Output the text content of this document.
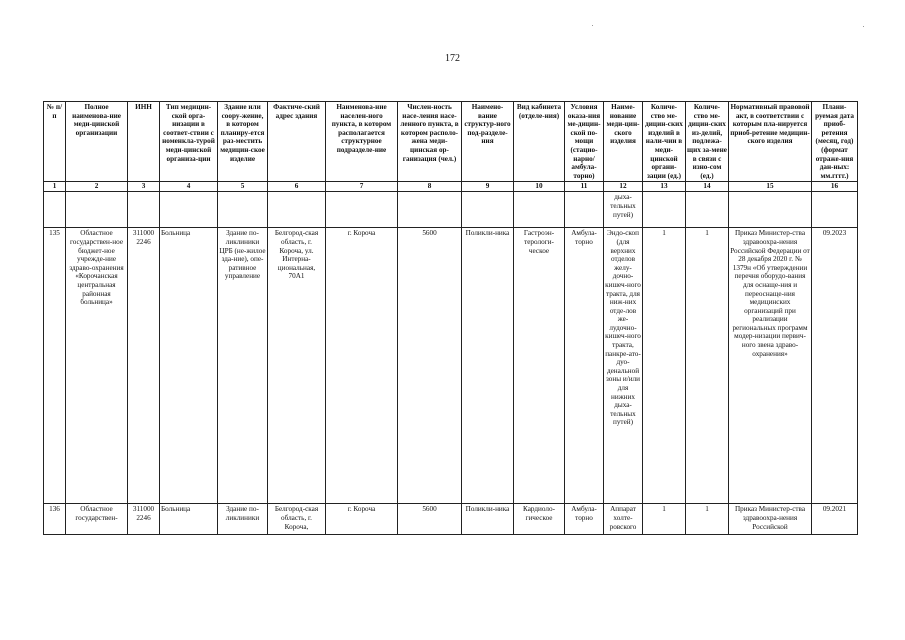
172
№ п/п	Полное наименова-ние меди-цинской организации	ИНН	Тип медицин-ской орга-низации в соответ-ствии с номенкла-турой меди-цинской организа-ции	Здание или соору-жение, в котором планиру-ется раз-местить медицин-ское изделие	Фактиче-ский адрес здания	Наименова-ние населен-ного пункта, в котором располагается структурное подразделе-ние	Числен-ность насе-ления насе-ленного пункта, в котором располо-жена меди-цинская ор-ганизация (чел.)	Наимено-вание структур-ного под-разделе-ния	Вид кабинета (отделе-ния)	Условия оказа-ния ме-дицин-ской по-мощи (стацио-нарно/ амбула-торно)	Наиме-нование меди-цин-ского изделия	Количе-ство ме-дицин-ских изделий в нали-чии в меди-цинской органи-зации (ед.)	Количе-ство ме-дицин-ских из-делий, подлежа-щих за-мене в связи с изно-сом (ед.)	Нормативный правовой акт, в соответствии с которым пла-нируется приоб-ретение медицин-ского изделия	Плани-руемая дата приоб-ретения (месяц, год) (формат отраже-ния дан-ных: мм.гггг.)
1	2	3	4	5	6	7	8	9	10	11	12	13	14	15	16
											дыха-тельных путей)				
135	Областное государствен-ное бюджет-ное учрежде-ние здраво-охранения «Корочанская центральная районная больница»	311000 2246	Больница	Здание по-ликлиники ЦРБ (не-жилое зда-ние), опе-ративное управление	Белгород-ская область, г. Короча, ул. Интерна-циональная, 70А1	г. Короча	5600	Поликли-ника	Гастроэн-терологи-ческое	Амбула-торно	Эндо-скоп (для верхних отделов желу-дочно-кишеч-ного тракта, для ниж-них отде-лов же-лудочно-кишеч-ного тракта, панкре-ато-дуо-денальной зоны и/или для нижних дыха-тельных путей)	1	1	Приказ Министер-ства здравоохра-нения Российской Федерации от 28 декабря 2020 г. № 1379н «Об утверждении перечня оборудо-вания для оснаще-ния и переоснаще-ния медицинских организаций при реализации региональных программ модер-низации первич-ного звена здраво-охранения»	09.2023
136	Областное государствен-	311000 2246	Больница	Здание по-ликлиники	Белгород-ская область, г. Короча,	г. Короча	5600	Поликли-ника	Кардиоло-гическое	Амбула-торно	Аппарат холте-ровского	1	1	Приказ Министер-ства здравоохра-нения Российской	09.2021
